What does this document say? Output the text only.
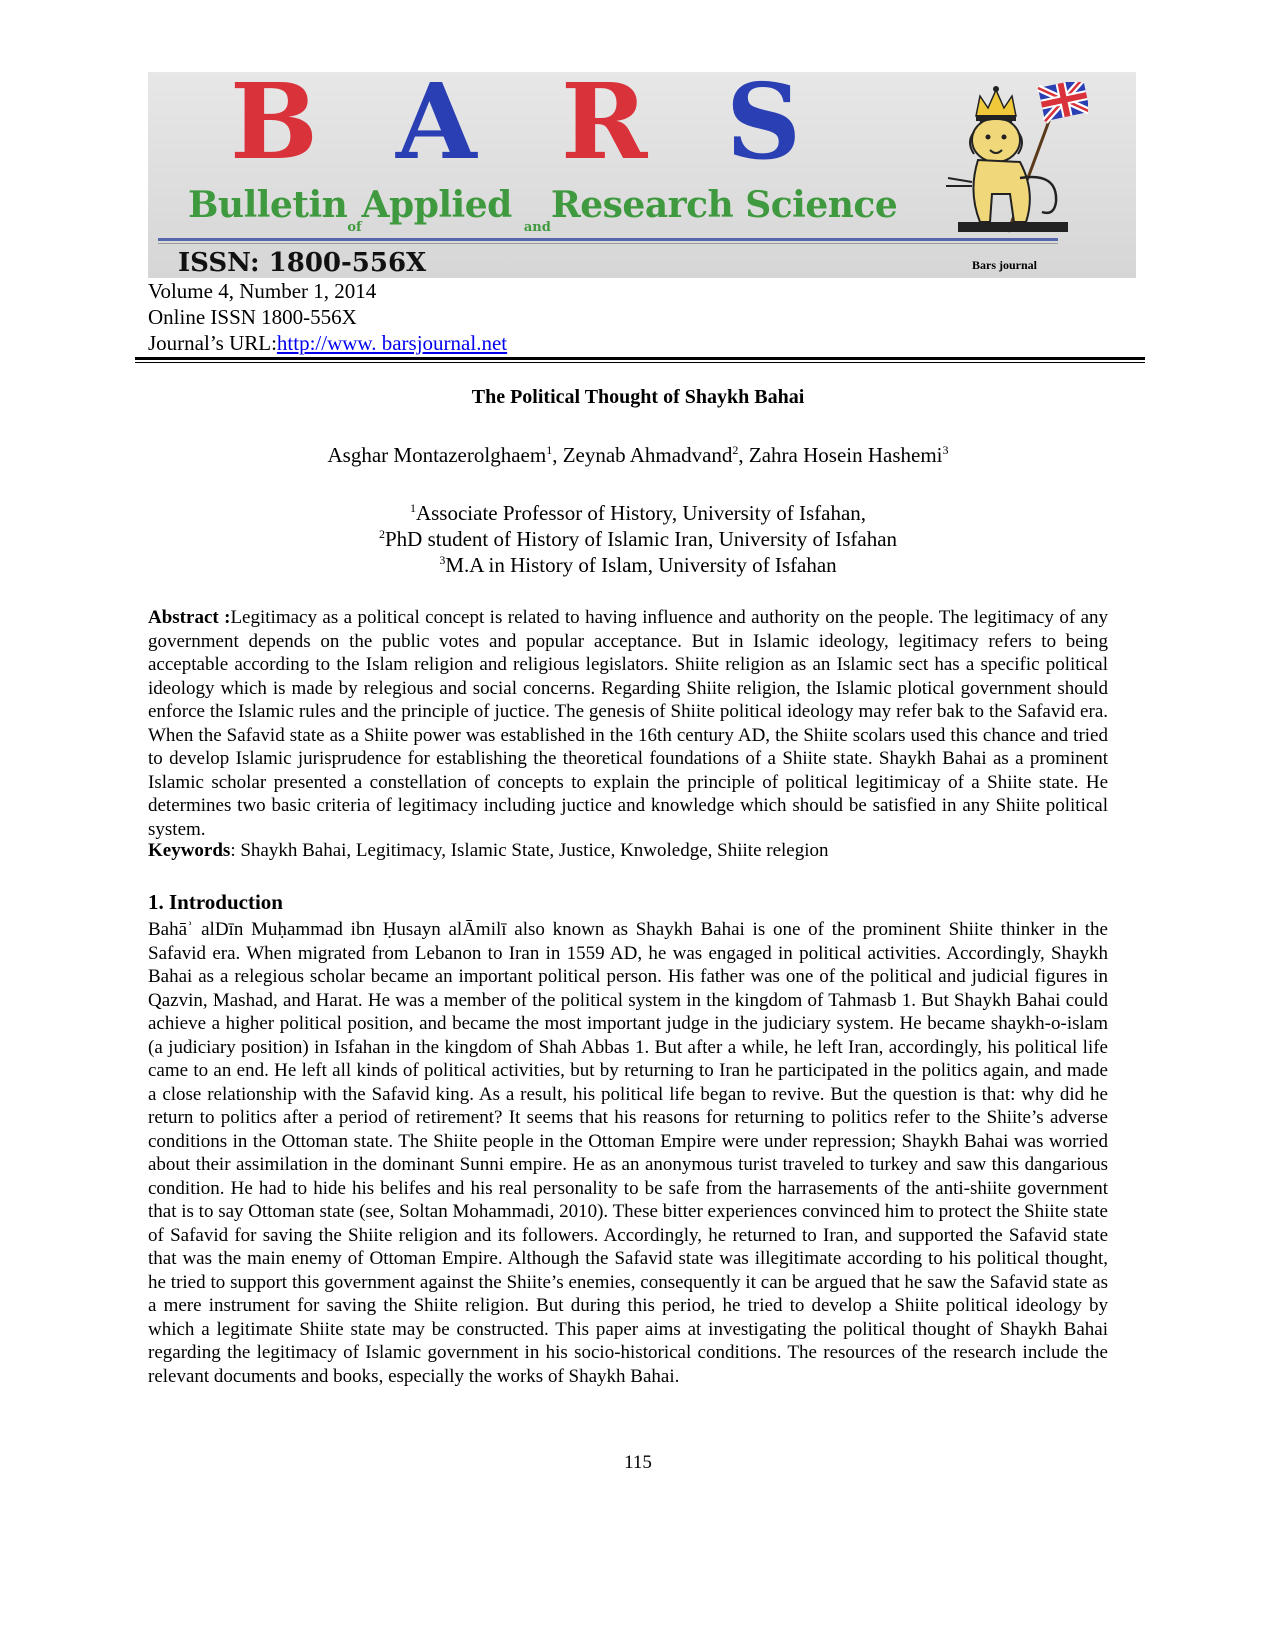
B A R S
Bulletin$_{of}$Applied $_{and}$Research Science
ISSN: 1800-556X	Bars journal
Volume 4, Number 1, 2014
Online ISSN 1800-556X
Journal’s URL:http://www. barsjournal.net
The Political Thought of Shaykh Bahai
Asghar Montazerolghaem$^1$, Zeynab Ahmadvand$^2$, Zahra Hosein Hashemi$^3$
$^1$Associate Professor of History, University of Isfahan,
$^2$PhD student of History of Islamic Iran, University of Isfahan
$^3$M.A in History of Islam, University of Isfahan
Abstract :Legitimacy as a political concept is related to having influence and authority on the people. The legitimacy of any government depends on the public votes and popular acceptance. But in Islamic ideology, legitimacy refers to being acceptable according to the Islam religion and religious legislators. Shiite religion as an Islamic sect has a specific political ideology which is made by relegious and social concerns. Regarding Shiite religion, the Islamic plotical government should enforce the Islamic rules and the principle of juctice. The genesis of Shiite political ideology may refer bak to the Safavid era. When the Safavid state as a Shiite power was established in the 16th century AD, the Shiite scolars used this chance and tried to develop Islamic jurisprudence for establishing the theoretical foundations of a Shiite state. Shaykh Bahai as a prominent Islamic scholar presented a constellation of concepts to explain the principle of political legitimicay of a Shiite state. He determines two basic criteria of legitimacy including juctice and knowledge which should be satisfied in any Shiite political system.
Keywords: Shaykh Bahai, Legitimacy, Islamic State, Justice, Knwoledge, Shiite relegion
1. Introduction
Bahāʾ alDīn Muḥammad ibn Ḥusayn alĀmilī also known as Shaykh Bahai is one of the prominent Shiite thinker in the Safavid era. When migrated from Lebanon to Iran in 1559 AD, he was engaged in political activities. Accordingly, Shaykh Bahai as a relegious scholar became an important political person. His father was one of the political and judicial figures in Qazvin, Mashad, and Harat. He was a member of the political system in the kingdom of Tahmasb 1. But Shaykh Bahai could achieve a higher political position, and became the most important judge in the judiciary system. He became shaykh-o-islam (a judiciary position) in Isfahan in the kingdom of Shah Abbas 1. But after a while, he left Iran, accordingly, his political life came to an end. He left all kinds of political activities, but by returning to Iran he participated in the politics again, and made a close relationship with the Safavid king. As a result, his political life began to revive. But the question is that: why did he return to politics after a period of retirement? It seems that his reasons for returning to politics refer to the Shiite’s adverse conditions in the Ottoman state. The Shiite people in the Ottoman Empire were under repression; Shaykh Bahai was worried about their assimilation in the dominant Sunni empire. He as an anonymous turist traveled to turkey and saw this dangarious condition. He had to hide his belifes and his real personality to be safe from the harrasements of the anti-shiite government that is to say Ottoman state (see, Soltan Mohammadi, 2010). These bitter experiences convinced him to protect the Shiite state of Safavid for saving the Shiite religion and its followers. Accordingly, he returned to Iran, and supported the Safavid state that was the main enemy of Ottoman Empire. Although the Safavid state was illegitimate according to his political thought, he tried to support this government against the Shiite’s enemies, consequently it can be argued that he saw the Safavid state as a mere instrument for saving the Shiite religion. But during this period, he tried to develop a Shiite political ideology by which a legitimate Shiite state may be constructed. This paper aims at investigating the political thought of Shaykh Bahai regarding the legitimacy of Islamic government in his socio-historical conditions. The resources of the research include the relevant documents and books, especially the works of Shaykh Bahai.
115
